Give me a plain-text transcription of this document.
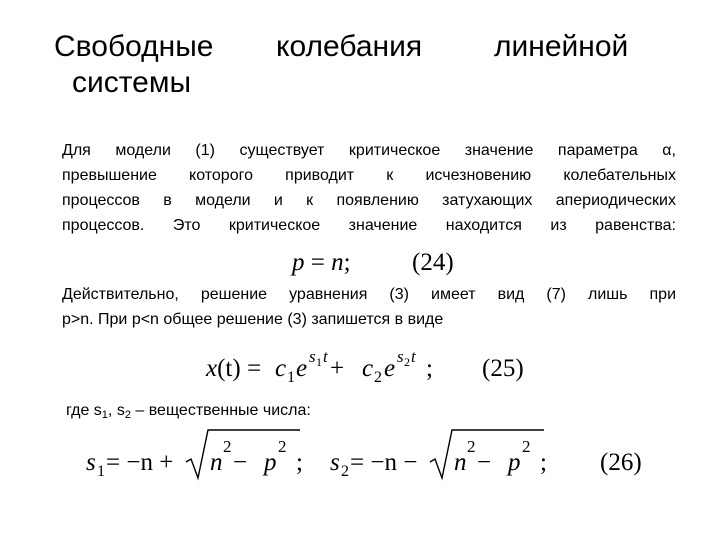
Свободные
системы
колебания линейной
Для модели (1) существует критическое значение параметра α,
превышение которого приводит к исчезновению колебательных
процессов в модели и к появлению затухающих апериодических
процессов. Это критическое значение находится из равенства:
Действительно, решение уравнения (3) имеет вид (7) лишь при
p>n. При p<n общее решение (3) запишется в виде
где $s_1$, $s_2$ – вещественные числа:
p = n; (24)
x(t) = c 1 e s 1 t + c 2 e s 2 t ; (25)
s 1 = −n + n
2
− p
2
; s 2 = −n − n
2
− p
2
; (26)
